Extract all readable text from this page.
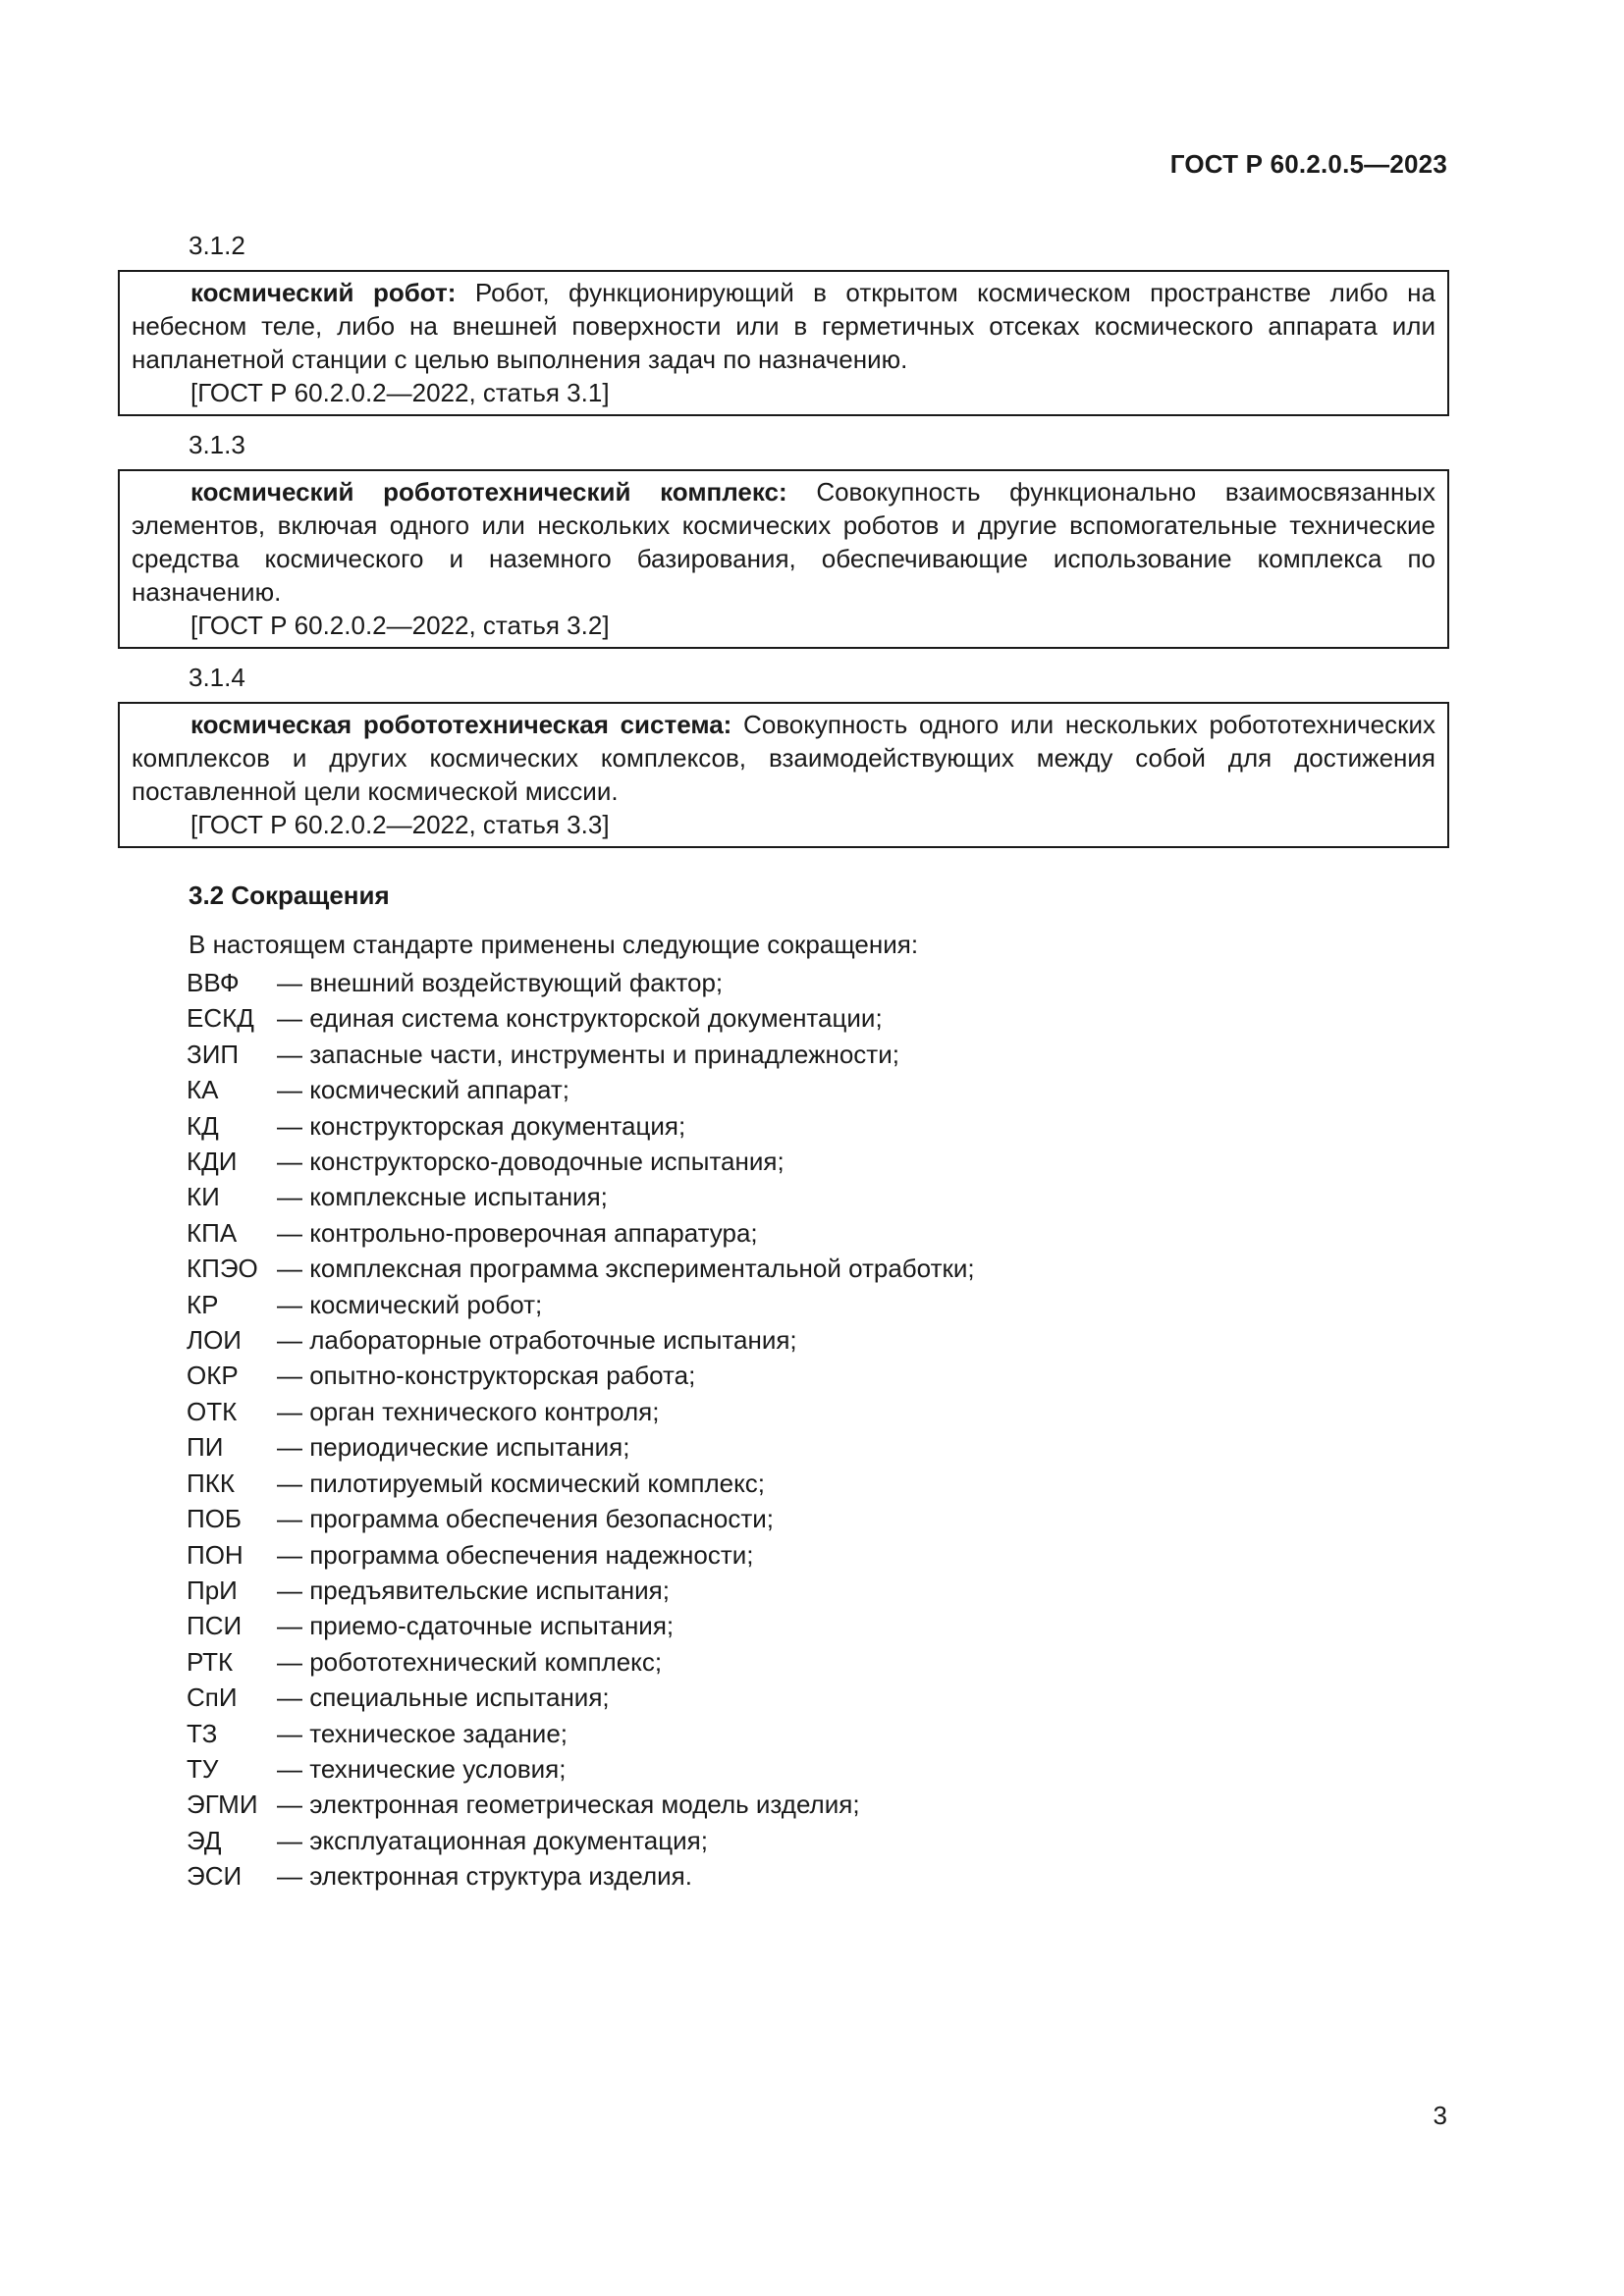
ГОСТ Р 60.2.0.5—2023
3.1.2
космический робот: Робот, функционирующий в открытом космическом пространстве либо на небесном теле, либо на внешней поверхности или в герметичных отсеках космического аппарата или напланетной станции с целью выполнения задач по назначению.
[ГОСТ Р 60.2.0.2—2022, статья 3.1]
3.1.3
космический робототехнический комплекс: Совокупность функционально взаимосвязанных элементов, включая одного или нескольких космических роботов и другие вспомогательные технические средства космического и наземного базирования, обеспечивающие использование комплекса по назначению.
[ГОСТ Р 60.2.0.2—2022, статья 3.2]
3.1.4
космическая робототехническая система: Совокупность одного или нескольких робототехнических комплексов и других космических комплексов, взаимодействующих между собой для достижения поставленной цели космической миссии.
[ГОСТ Р 60.2.0.2—2022, статья 3.3]
3.2 Сокращения
В настоящем стандарте применены следующие сокращения:
ВВФ	— внешний воздействующий фактор;
ЕСКД — единая система конструкторской документации;
ЗИП	— запасные части, инструменты и принадлежности;
КА	— космический аппарат;
КД	— конструкторская документация;
КДИ	— конструкторско-доводочные испытания;
КИ	— комплексные испытания;
КПА	— контрольно-проверочная аппаратура;
КПЭО — комплексная программа экспериментальной отработки;
КР	— космический робот;
ЛОИ	— лабораторные отработочные испытания;
ОКР	— опытно-конструкторская работа;
ОТК	— орган технического контроля;
ПИ	— периодические испытания;
ПКК	— пилотируемый космический комплекс;
ПОБ	— программа обеспечения безопасности;
ПОН	— программа обеспечения надежности;
ПрИ	— предъявительские испытания;
ПСИ	— приемо-сдаточные испытания;
РТК	— робототехнический комплекс;
СпИ	— специальные испытания;
ТЗ	— техническое задание;
ТУ	— технические условия;
ЭГМИ — электронная геометрическая модель изделия;
ЭД	— эксплуатационная документация;
ЭСИ	— электронная структура изделия.
3
